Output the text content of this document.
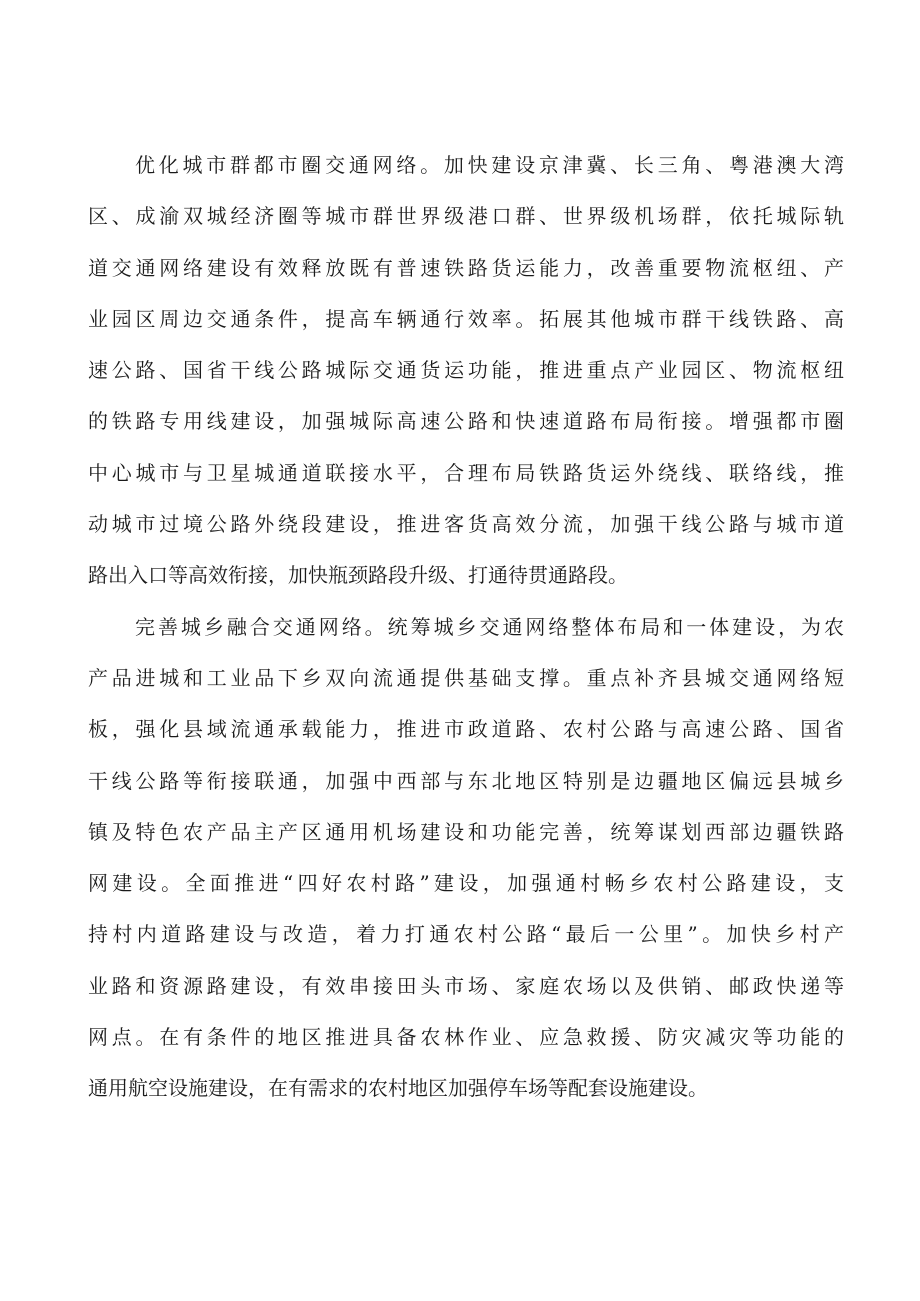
优化城市群都市圈交通网络。加快建设京津冀、长三角、粤港澳大湾
区、成渝双城经济圈等城市群世界级港口群、世界级机场群，依托城际轨
道交通网络建设有效释放既有普速铁路货运能力，改善重要物流枢纽、产
业园区周边交通条件，提高车辆通行效率。拓展其他城市群干线铁路、高
速公路、国省干线公路城际交通货运功能，推进重点产业园区、物流枢纽
的铁路专用线建设，加强城际高速公路和快速道路布局衔接。增强都市圈
中心城市与卫星城通道联接水平，合理布局铁路货运外绕线、联络线，推
动城市过境公路外绕段建设，推进客货高效分流，加强干线公路与城市道
路出入口等高效衔接，加快瓶颈路段升级、打通待贯通路段。
完善城乡融合交通网络。统筹城乡交通网络整体布局和一体建设，为农
产品进城和工业品下乡双向流通提供基础支撑。重点补齐县城交通网络短
板，强化县域流通承载能力，推进市政道路、农村公路与高速公路、国省
干线公路等衔接联通，加强中西部与东北地区特别是边疆地区偏远县城乡
镇及特色农产品主产区通用机场建设和功能完善，统筹谋划西部边疆铁路
网建设。全面推进“四好农村路”建设，加强通村畅乡农村公路建设，支
持村内道路建设与改造，着力打通农村公路“最后一公里”。加快乡村产
业路和资源路建设，有效串接田头市场、家庭农场以及供销、邮政快递等
网点。在有条件的地区推进具备农林作业、应急救援、防灾减灾等功能的
通用航空设施建设，在有需求的农村地区加强停车场等配套设施建设。
